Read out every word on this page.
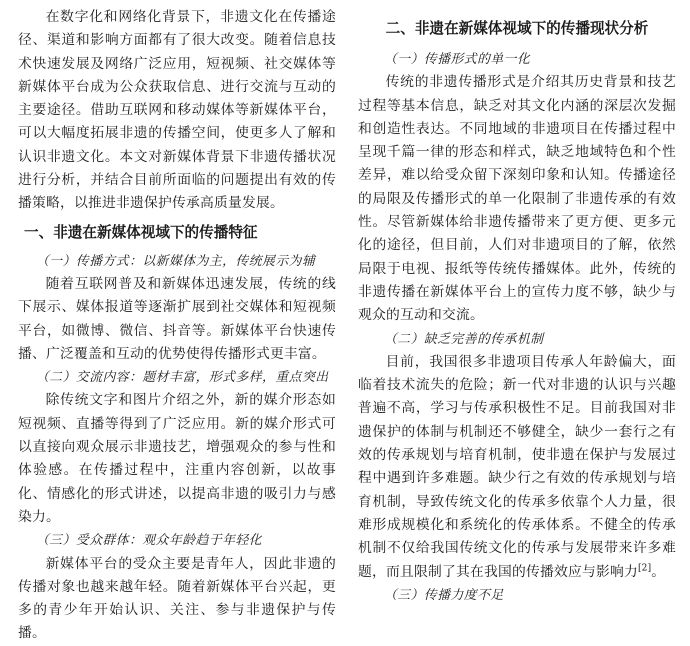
在数字化和网络化背景下，非遗文化在传播途径、渠道和影响方面都有了很大改变。随着信息技术快速发展及网络广泛应用，短视频、社交媒体等新媒体平台成为公众获取信息、进行交流与互动的主要途径。借助互联网和移动媒体等新媒体平台，可以大幅度拓展非遗的传播空间，使更多人了解和认识非遗文化。本文对新媒体背景下非遗传播状况进行分析，并结合目前所面临的问题提出有效的传播策略，以推进非遗保护传承高质量发展。

一、非遗在新媒体视域下的传播特征
（一）传播方式：以新媒体为主，传统展示为辅

随着互联网普及和新媒体迅速发展，传统的线下展示、媒体报道等逐渐扩展到社交媒体和短视频平台，如微博、微信、抖音等。新媒体平台快速传播、广泛覆盖和互动的优势使得传播形式更丰富。

（二）交流内容：题材丰富，形式多样，重点突出

除传统文字和图片介绍之外，新的媒介形态如短视频、直播等得到了广泛应用。新的媒介形式可以直接向观众展示非遗技艺，增强观众的参与性和体验感。在传播过程中，注重内容创新，以故事化、情感化的形式讲述，以提高非遗的吸引力与感染力。

（三）受众群体：观众年龄趋于年轻化

新媒体平台的受众主要是青年人，因此非遗的传播对象也越来越年轻。随着新媒体平台兴起，更多的青少年开始认识、关注、参与非遗保护与传播。

二、非遗在新媒体视域下的传播现状分析
（一）传播形式的单一化

传统的非遗传播形式是介绍其历史背景和技艺过程等基本信息，缺乏对其文化内涵的深层次发掘和创造性表达。不同地域的非遗项目在传播过程中呈现千篇一律的形态和样式，缺乏地域特色和个性差异，难以给受众留下深刻印象和认知。传播途径的局限及传播形式的单一化限制了非遗传承的有效性。尽管新媒体给非遗传播带来了更方便、更多元化的途径，但目前，人们对非遗项目的了解，依然局限于电视、报纸等传统传播媒体。此外，传统的非遗传播在新媒体平台上的宣传力度不够，缺少与观众的互动和交流。

（二）缺乏完善的传承机制

目前，我国很多非遗项目传承人年龄偏大，面临着技术流失的危险；新一代对非遗的认识与兴趣普遍不高，学习与传承积极性不足。目前我国对非遗保护的体制与机制还不够健全，缺少一套行之有效的传承规划与培育机制，使非遗在保护与发展过程中遇到许多难题。缺少行之有效的传承规划与培育机制，导致传统文化的传承多依靠个人力量，很难形成规模化和系统化的传承体系。不健全的传承机制不仅给我国传统文化的传承与发展带来许多难题，而且限制了其在我国的传播效应与影响力[2]。

（三）传播力度不足
